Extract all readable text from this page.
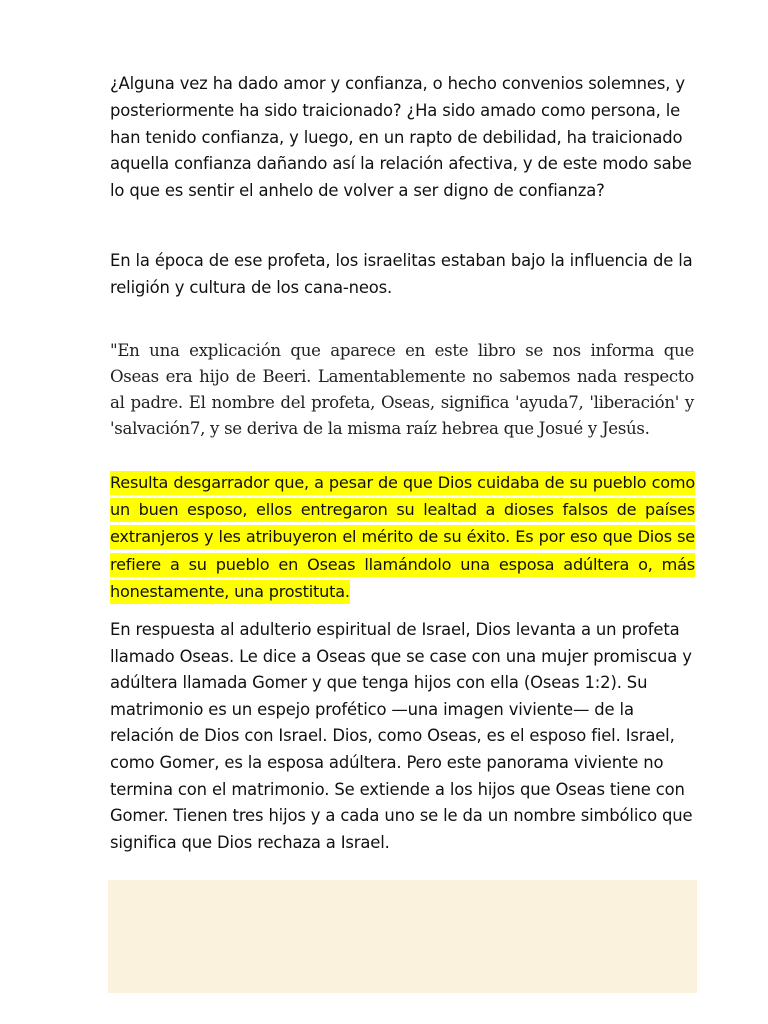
¿Alguna vez ha dado amor y confianza, o hecho convenios solemnes, y posteriormente ha sido traicionado? ¿Ha sido amado como persona, le han tenido confianza, y luego, en un rapto de debilidad, ha traicionado aquella confianza dañando así la relación afectiva, y de este modo sabe lo que es sentir el anhelo de volver a ser digno de confianza?

En la época de ese profeta, los israelitas estaban bajo la influencia de la religión y cultura de los cana-neos.

"En una explicación que aparece en este libro se nos informa que Oseas era hijo de Beeri. Lamentablemente no sabemos nada respecto al padre. El nombre del profeta, Oseas, significa 'ayuda7, 'liberación' y 'salvación7, y se deriva de la misma raíz hebrea que Josué y Jesús.

Resulta desgarrador que, a pesar de que Dios cuidaba de su pueblo como un buen esposo, ellos entregaron su lealtad a dioses falsos de países extranjeros y les atribuyeron el mérito de su éxito. Es por eso que Dios se refiere a su pueblo en Oseas llamándolo una esposa adúltera o, más honestamente, una prostituta.

En respuesta al adulterio espiritual de Israel, Dios levanta a un profeta llamado Oseas. Le dice a Oseas que se case con una mujer promiscua y adúltera llamada Gomer y que tenga hijos con ella (Oseas 1:2). Su matrimonio es un espejo profético —una imagen viviente— de la relación de Dios con Israel. Dios, como Oseas, es el esposo fiel. Israel, como Gomer, es la esposa adúltera. Pero este panorama viviente no termina con el matrimonio. Se extiende a los hijos que Oseas tiene con Gomer. Tienen tres hijos y a cada uno se le da un nombre simbólico que significa que Dios rechaza a Israel.
